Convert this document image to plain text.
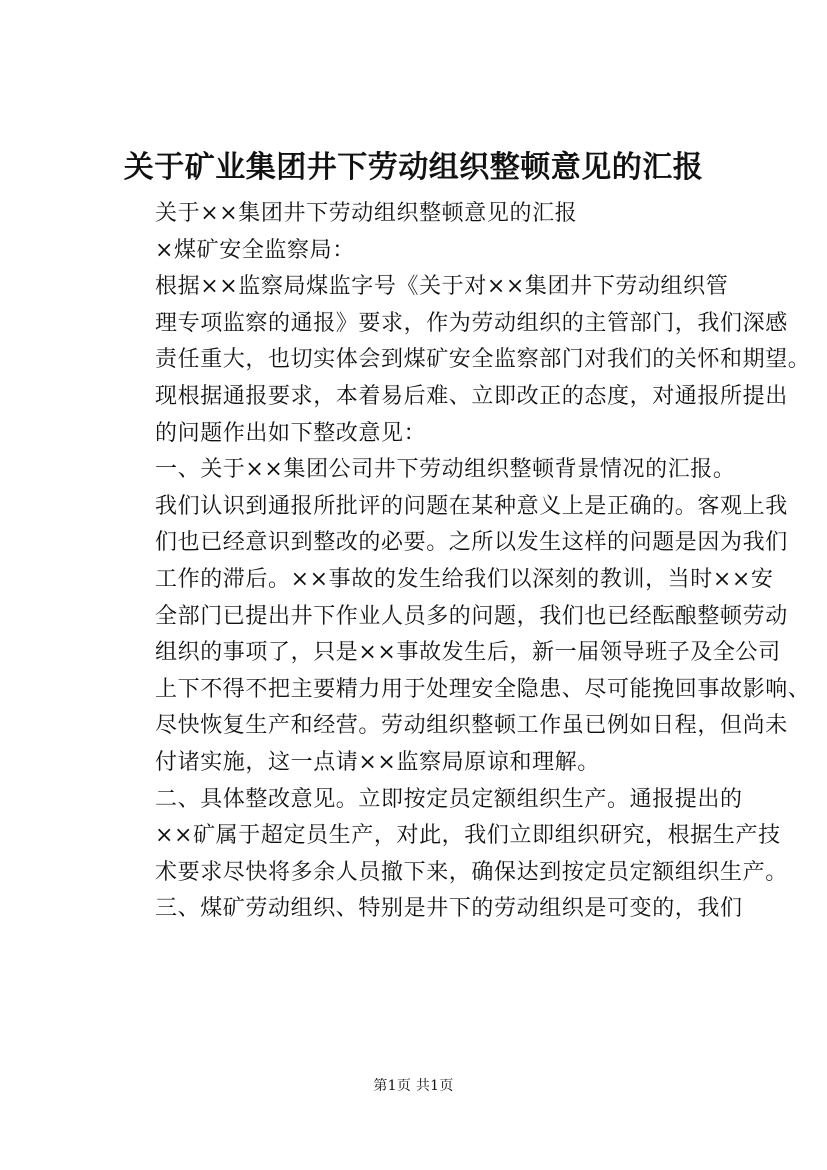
关于矿业集团井下劳动组织整顿意见的汇报

关于××集团井下劳动组织整顿意见的汇报

×煤矿安全监察局：

根据××监察局煤监字号《关于对××集团井下劳动组织管
理专项监察的通报》要求，作为劳动组织的主管部门，我们深感
责任重大，也切实体会到煤矿安全监察部门对我们的关怀和期望。
现根据通报要求，本着易后难、立即改正的态度，对通报所提出
的问题作出如下整改意见：

一、关于××集团公司井下劳动组织整顿背景情况的汇报。
我们认识到通报所批评的问题在某种意义上是正确的。客观上我
们也已经意识到整改的必要。之所以发生这样的问题是因为我们
工作的滞后。××事故的发生给我们以深刻的教训，当时××安
全部门已提出井下作业人员多的问题，我们也已经酝酿整顿劳动
组织的事项了，只是××事故发生后，新一届领导班子及全公司
上下不得不把主要精力用于处理安全隐患、尽可能挽回事故影响、
尽快恢复生产和经营。劳动组织整顿工作虽已例如日程，但尚未
付诸实施，这一点请××监察局原谅和理解。

二、具体整改意见。立即按定员定额组织生产。通报提出的
××矿属于超定员生产，对此，我们立即组织研究，根据生产技
术要求尽快将多余人员撤下来，确保达到按定员定额组织生产。

三、煤矿劳动组织、特别是井下的劳动组织是可变的，我们

第1页 共1页
